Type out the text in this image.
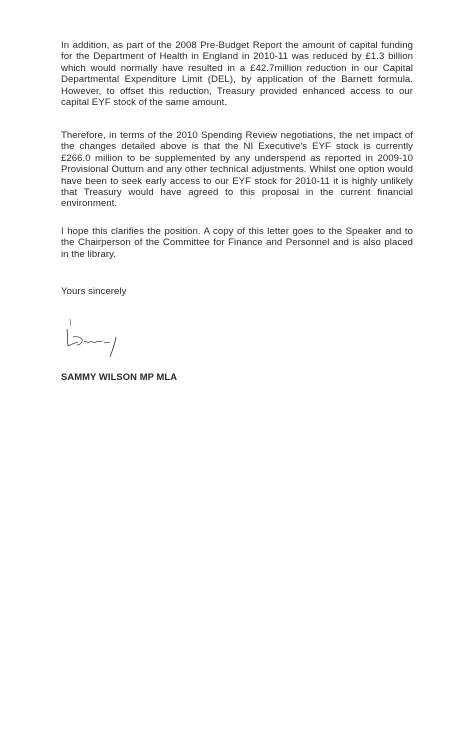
In addition, as part of the 2008 Pre-Budget Report the amount of capital funding for the Department of Health in England in 2010-11 was reduced by £1.3 billion which would normally have resulted in a £42.7million reduction in our Capital Departmental Expenditure Limit (DEL), by application of the Barnett formula. However, to offset this reduction, Treasury provided enhanced access to our capital EYF stock of the same amount.

Therefore, in terms of the 2010 Spending Review negotiations, the net impact of the changes detailed above is that the NI Executive's EYF stock is currently £266.0 million to be supplemented by any underspend as reported in 2009-10 Provisional Outturn and any other technical adjustments. Whilst one option would have been to seek early access to our EYF stock for 2010-11 it is highly unlikely that Treasury would have agreed to this proposal in the current financial environment.

I hope this clarifies the position. A copy of this letter goes to the Speaker and to the Chairperson of the Committee for Finance and Personnel and is also placed in the library.

Yours sincerely

SAMMY WILSON MP MLA
